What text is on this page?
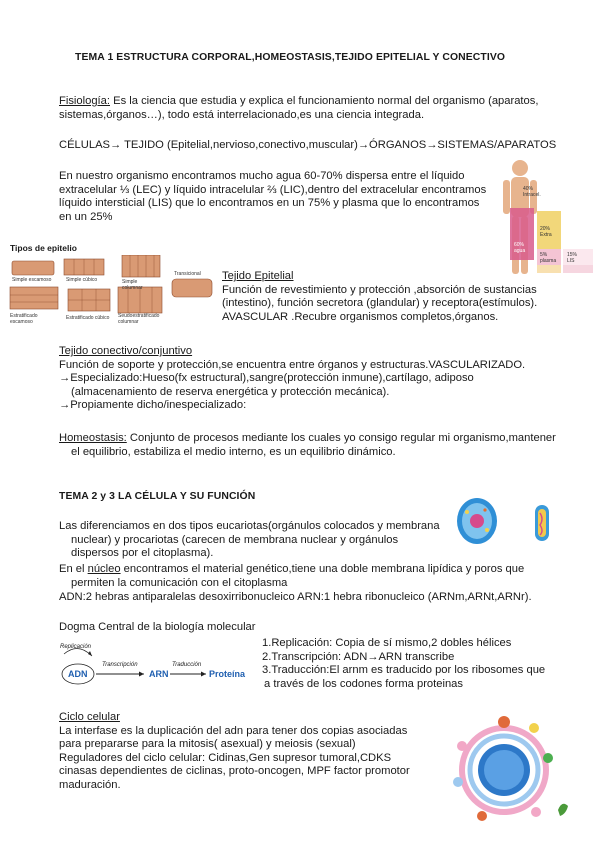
TEMA 1 ESTRUCTURA CORPORAL,HOMEOSTASIS,TEJIDO EPITELIAL Y CONECTIVO
Fisiología: Es la ciencia que estudia y explica el funcionamiento normal del organismo (aparatos,
sistemas,órganos…), todo está interrelacionado,es una ciencia integrada.
CÉLULAS→ TEJIDO (Epitelial,nervioso,conectivo,muscular)→ÓRGANOS→SISTEMAS/APARATOS
En nuestro organismo encontramos mucho agua 60-70% dispersa entre el líquido
extracelular ⅓ (LEC) y líquido intracelular ⅔ (LIC),dentro del extracelular encontramos
líquido intersticial (LIS) que lo encontramos en un 75% y plasma que lo encontramos
en un 25%
40%
Intracel.
60%
agua
20%
Extra
5%
plasma
15%
LIS
Tipos de epitelio
Simple escamoso	Simple cúbico	Simple columnar
Transicional
Estratificado escamoso
Estratificado cúbico Seudoestratificado columnar
Tejido Epitelial
Función de revestimiento y protección ,absorción de sustancias
(intestino), función secretora (glandular) y receptora(estímulos).
AVASCULAR .Recubre organismos completos,órganos.
Tejido conectivo/conjuntivo
Función de soporte y protección,se encuentra entre órganos y estructuras.VASCULARIZADO.
→Especializado:Hueso(fx estructural),sangre(protección inmune),cartílago, adiposo
(almacenamiento de reserva energética y protección mecánica).
→Propiamente dicho/inespecializado:
Homeostasis: Conjunto de procesos mediante los cuales yo consigo regular mi organismo,mantener

el equilibrio, estabiliza el medio interno, es un equilibrio dinámico.
TEMA 2 y 3 LA CÉLULA Y SU FUNCIÓN
Las diferenciamos en dos tipos eucariotas(orgánulos colocados y membrana
nuclear) y procariotas (carecen de membrana nuclear y orgánulos
dispersos por el citoplasma).
En el núcleo encontramos el material genético,tiene una doble membrana lipídica y poros que

permiten la comunicación con el citoplasma
ADN:2 hebras antiparalelas desoxirribonucleico ARN:1 hebra ribonucleico (ARNm,ARNt,ARNr).
Dogma Central de la biología molecular
Replicación
Transcripción	Traducción
ADN	ARN	Proteína
1.Replicación: Copia de sí mismo,2 dobles hélices
2.Transcripción: ADN→ARN transcribe
3.Traducción:El arnm es traducido por los ribosomes que
a través de los codones forma proteinas
Ciclo celular
La interfase es la duplicación del adn para tener dos copias asociadas
para prepararse para la mitosis( asexual) y meiosis (sexual)
Reguladores del ciclo celular: Cidinas,Gen supresor tumoral,CDKS
cinasas dependientes de ciclinas, proto-oncogen, MPF factor promotor
maduración.
